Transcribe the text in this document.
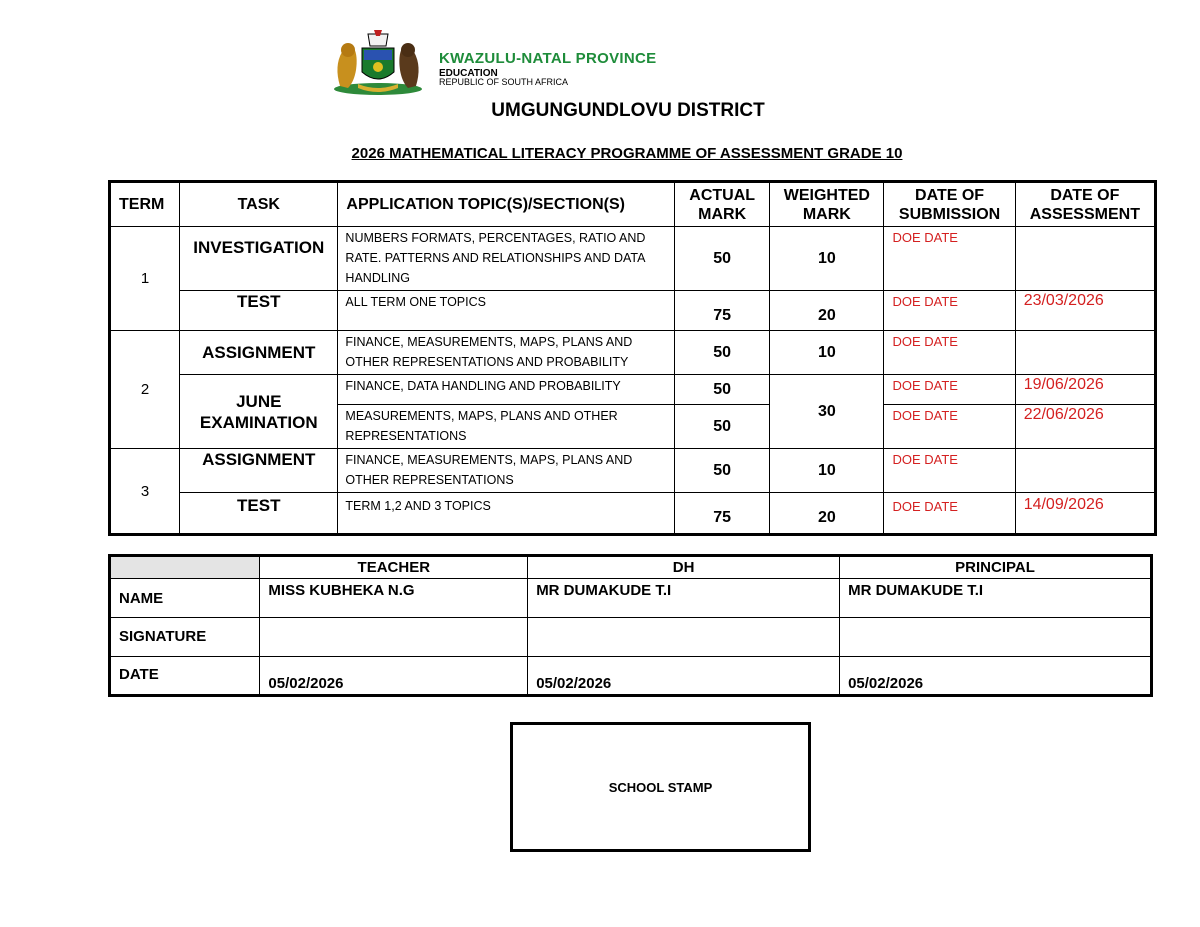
KWAZULU-NATAL PROVINCE
EDUCATION
REPUBLIC OF SOUTH AFRICA
UMGUNGUNDLOVU DISTRICT
2026 MATHEMATICAL LITERACY PROGRAMME OF ASSESSMENT GRADE 10
TERM	TASK	APPLICATION TOPIC(S)/SECTION(S)	ACTUAL MARK	WEIGHTED MARK	DATE OF SUBMISSION	DATE OF ASSESSMENT
1	INVESTIGATION	NUMBERS FORMATS, PERCENTAGES, RATIO AND RATE. PATTERNS AND RELATIONSHIPS AND DATA HANDLING	50	10	DOE DATE	
	TEST	ALL TERM ONE TOPICS	75	20	DOE DATE	23/03/2026
2	ASSIGNMENT	FINANCE, MEASUREMENTS, MAPS, PLANS AND OTHER REPRESENTATIONS AND PROBABILITY	50	10	DOE DATE	
	JUNE EXAMINATION	FINANCE, DATA HANDLING AND PROBABILITY	50	30	DOE DATE	19/06/2026
		MEASUREMENTS, MAPS, PLANS AND OTHER REPRESENTATIONS	50		DOE DATE	22/06/2026
3	ASSIGNMENT	FINANCE, MEASUREMENTS, MAPS, PLANS AND OTHER REPRESENTATIONS	50	10	DOE DATE	
	TEST	TERM 1,2 AND 3 TOPICS	75	20	DOE DATE	14/09/2026
	TEACHER	DH	PRINCIPAL
NAME	MISS KUBHEKA N.G	MR DUMAKUDE T.I	MR DUMAKUDE T.I
SIGNATURE			
DATE	05/02/2026	05/02/2026	05/02/2026
SCHOOL STAMP
